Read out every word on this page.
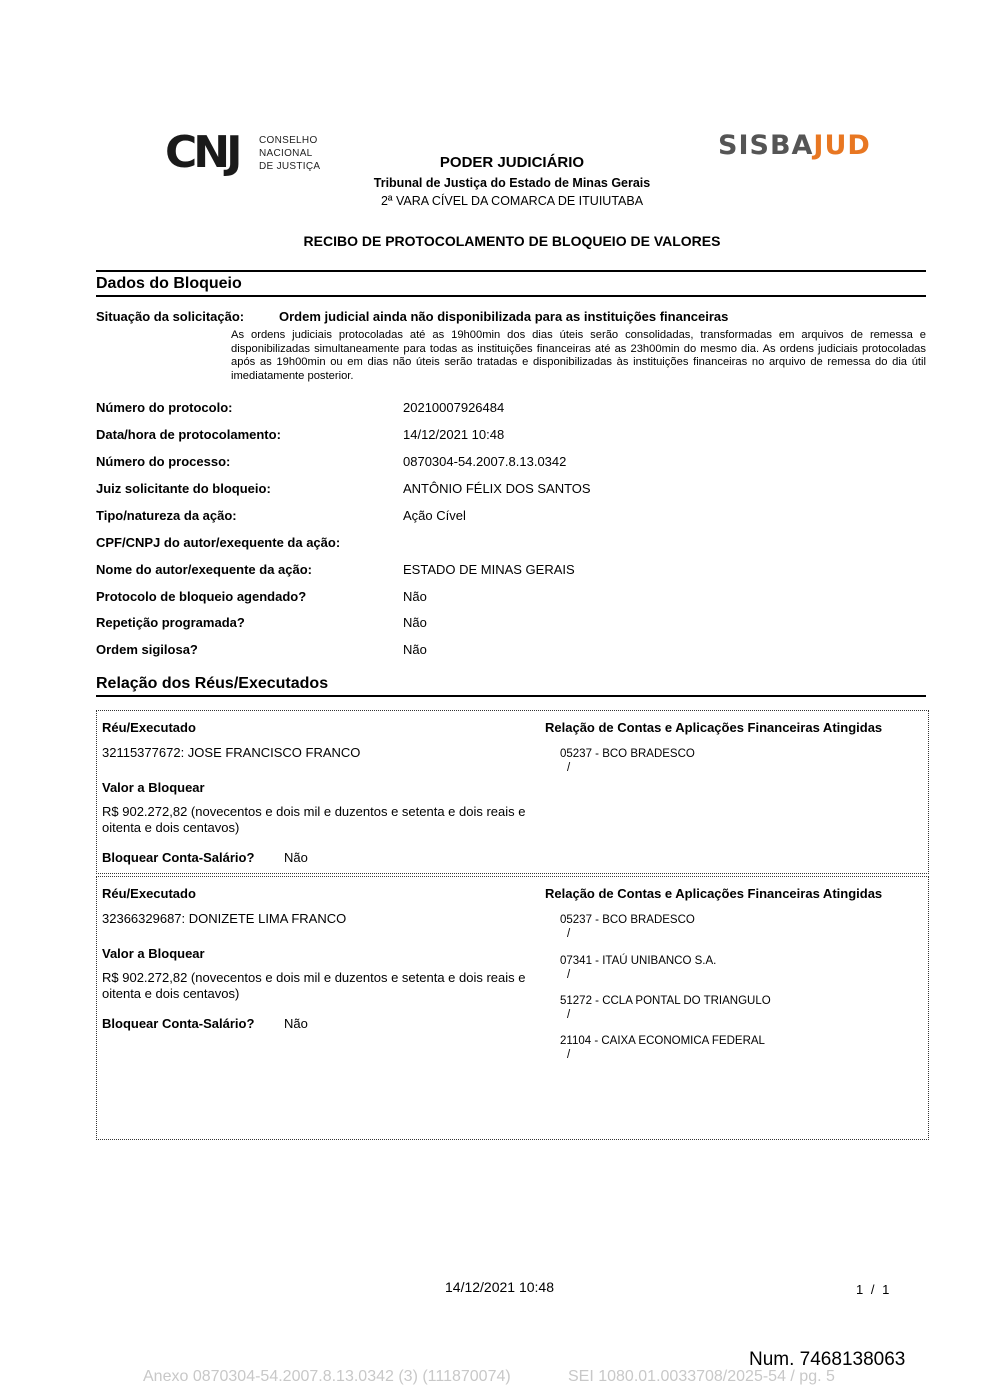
CNJ CONSELHO
NACIONAL
DE JUSTIÇA
SISBAJUD
PODER JUDICIÁRIO
Tribunal de Justiça do Estado de Minas Gerais
2ª VARA CÍVEL DA COMARCA DE ITUIUTABA
RECIBO DE PROTOCOLAMENTO DE BLOQUEIO DE VALORES
Dados do Bloqueio
Situação da solicitação:	Ordem judicial ainda não disponibilizada para as instituições financeiras
As ordens judiciais protocoladas até as 19h00min dos dias úteis serão consolidadas, transformadas em arquivos de remessa e disponibilizadas simultaneamente para todas as instituições financeiras até as 23h00min do mesmo dia. As ordens judiciais protocoladas após as 19h00min ou em dias não úteis serão tratadas e disponibilizadas às instituições financeiras no arquivo de remessa do dia útil imediatamente posterior.
Número do protocolo:	20210007926484
Data/hora de protocolamento:	14/12/2021 10:48
Número do processo:	0870304-54.2007.8.13.0342
Juiz solicitante do bloqueio:	ANTÔNIO FÉLIX DOS SANTOS
Tipo/natureza da ação:	Ação Cível
CPF/CNPJ do autor/exequente da ação:
Nome do autor/exequente da ação:	ESTADO DE MINAS GERAIS
Protocolo de bloqueio agendado?	Não
Repetição programada?	Não
Ordem sigilosa?	Não
Relação dos Réus/Executados
Réu/Executado
32115377672: JOSE FRANCISCO FRANCO
Valor a Bloquear
R$ 902.272,82 (novecentos e dois mil e duzentos e setenta e dois reais e oitenta e dois centavos)
Bloquear Conta-Salário? Não
Relação de Contas e Aplicações Financeiras Atingidas
05237 - BCO BRADESCO
/
Réu/Executado
32366329687: DONIZETE LIMA FRANCO
Valor a Bloquear
R$ 902.272,82 (novecentos e dois mil e duzentos e setenta e dois reais e oitenta e dois centavos)
Bloquear Conta-Salário? Não
Relação de Contas e Aplicações Financeiras Atingidas
05237 - BCO BRADESCO
/
07341 - ITAÚ UNIBANCO S.A.
/
51272 - CCLA PONTAL DO TRIANGULO
/
21104 - CAIXA ECONOMICA FEDERAL
/
14/12/2021 10:48	1 / 1
Num. 7468138063
Anexo 0870304-54.2007.8.13.0342 (3) (111870074)	SEI 1080.01.0033708/2025-54 / pg. 5
